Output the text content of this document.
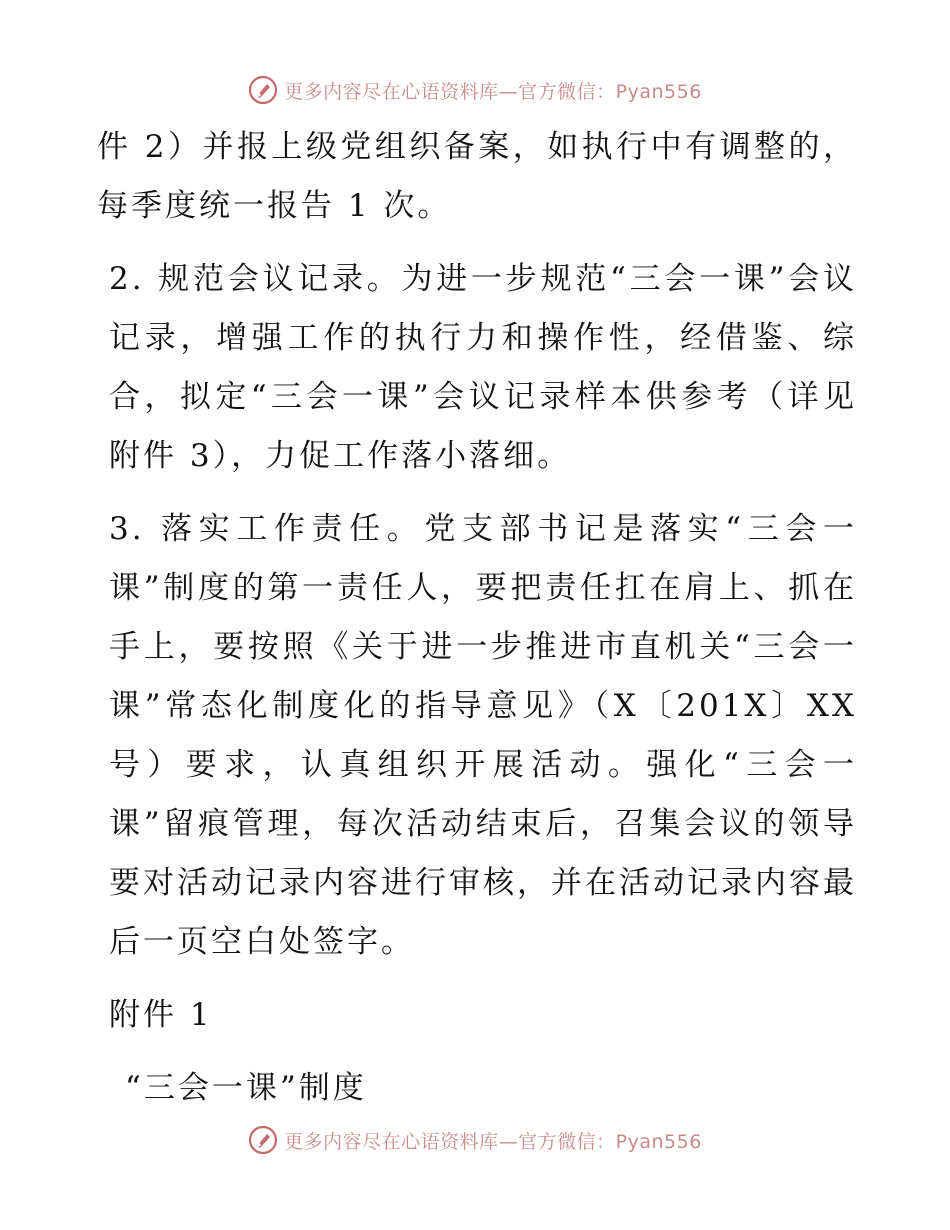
更多内容尽在心语资料库—官方微信：Pyan556

件 2）并报上级党组织备案，如执行中有调整的，每季度统一报告 1 次。

2. 规范会议记录。为进一步规范“三会一课”会议记录，增强工作的执行力和操作性，经借鉴、综合，拟定“三会一课”会议记录样本供参考（详见附件 3），力促工作落小落细。

3. 落实工作责任。党支部书记是落实“三会一课”制度的第一责任人，要把责任扛在肩上、抓在手上，要按照《关于进一步推进市直机关“三会一课”常态化制度化的指导意见》（X〔201X〕XX号）要求，认真组织开展活动。强化“三会一课”留痕管理，每次活动结束后，召集会议的领导要对活动记录内容进行审核，并在活动记录内容最后一页空白处签字。

附件 1

“三会一课”制度

更多内容尽在心语资料库—官方微信：Pyan556
